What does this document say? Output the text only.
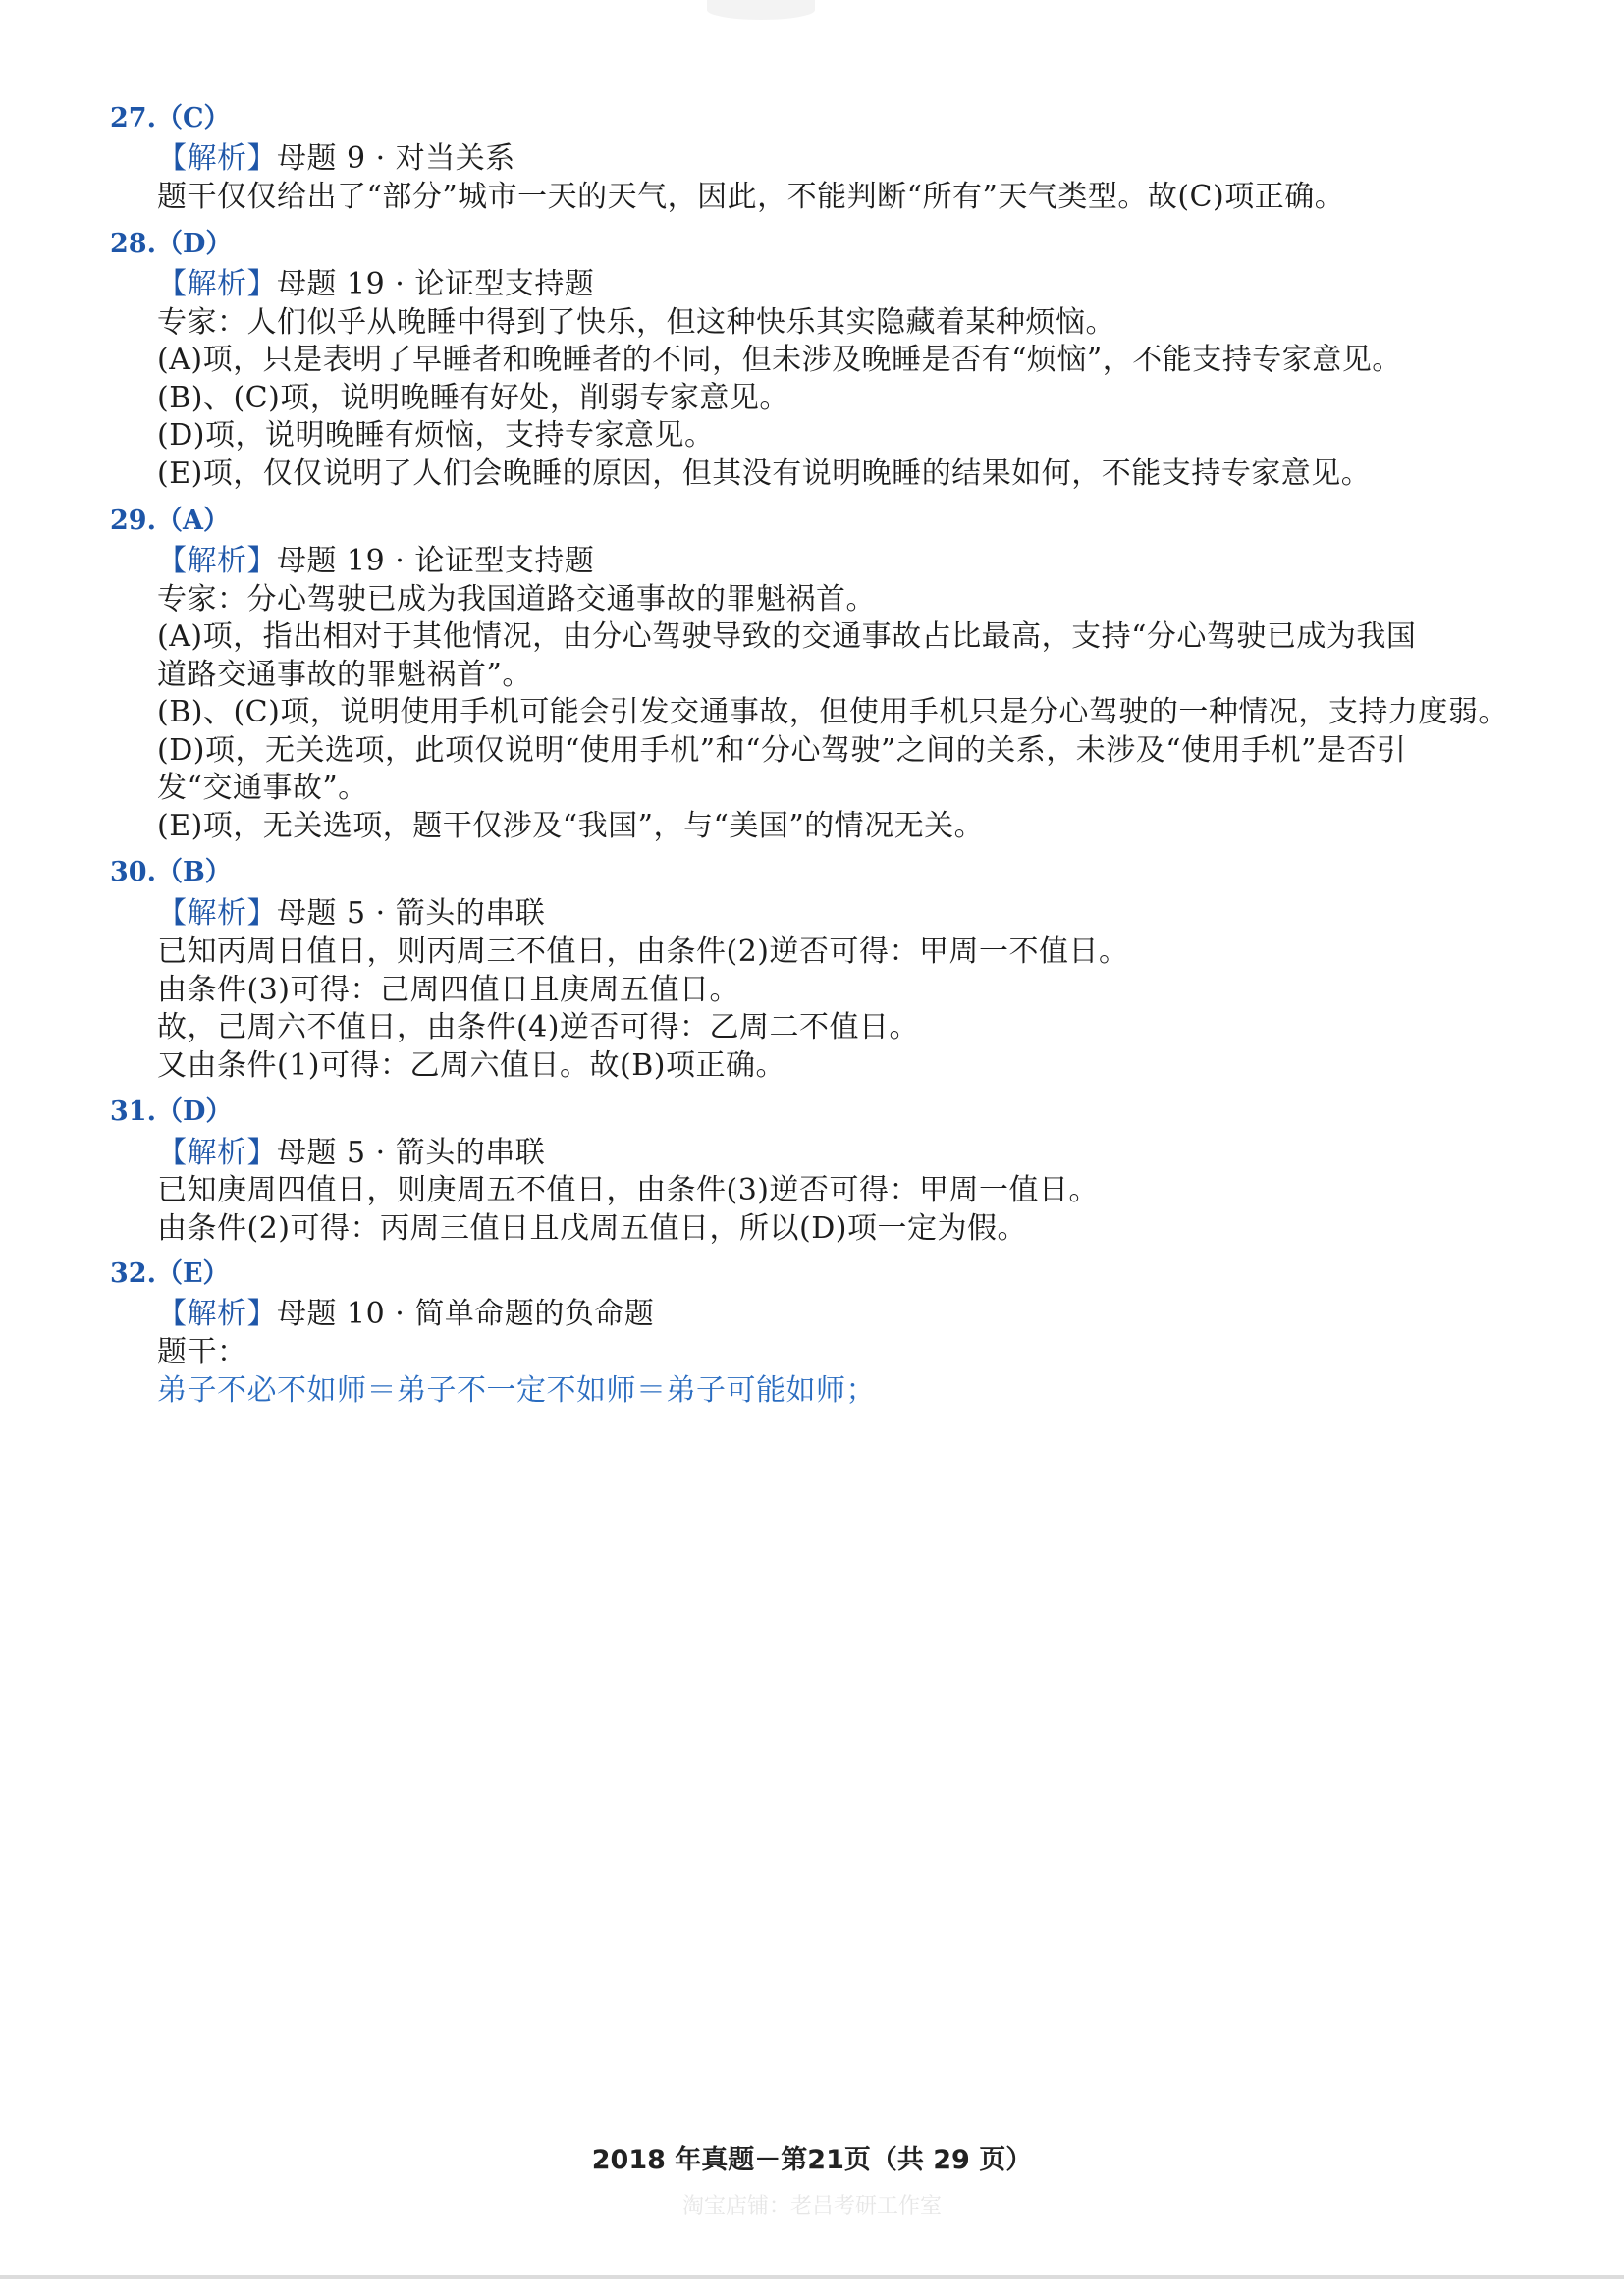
27.（C）
【解析】母题 9 · 对当关系
题干仅仅给出了“部分”城市一天的天气，因此，不能判断“所有”天气类型。故(C)项正确。
28.（D）
【解析】母题 19 · 论证型支持题
专家：人们似乎从晚睡中得到了快乐，但这种快乐其实隐藏着某种烦恼。
(A)项，只是表明了早睡者和晚睡者的不同，但未涉及晚睡是否有“烦恼”，不能支持专家意见。
(B)、(C)项，说明晚睡有好处，削弱专家意见。
(D)项，说明晚睡有烦恼，支持专家意见。
(E)项，仅仅说明了人们会晚睡的原因，但其没有说明晚睡的结果如何，不能支持专家意见。
29.（A）
【解析】母题 19 · 论证型支持题
专家：分心驾驶已成为我国道路交通事故的罪魁祸首。
(A)项，指出相对于其他情况，由分心驾驶导致的交通事故占比最高，支持“分心驾驶已成为我国
道路交通事故的罪魁祸首”。
(B)、(C)项，说明使用手机可能会引发交通事故，但使用手机只是分心驾驶的一种情况，支持力度弱。
(D)项，无关选项，此项仅说明“使用手机”和“分心驾驶”之间的关系，未涉及“使用手机”是否引
发“交通事故”。
(E)项，无关选项，题干仅涉及“我国”，与“美国”的情况无关。
30.（B）
【解析】母题 5 · 箭头的串联
已知丙周日值日，则丙周三不值日，由条件(2)逆否可得：甲周一不值日。
由条件(3)可得：己周四值日且庚周五值日。
故，己周六不值日，由条件(4)逆否可得：乙周二不值日。
又由条件(1)可得：乙周六值日。故(B)项正确。
31.（D）
【解析】母题 5 · 箭头的串联
已知庚周四值日，则庚周五不值日，由条件(3)逆否可得：甲周一值日。
由条件(2)可得：丙周三值日且戊周五值日，所以(D)项一定为假。
32.（E）
【解析】母题 10 · 简单命题的负命题
题干：
弟子不必不如师＝弟子不一定不如师＝弟子可能如师；
2018 年真题－第21页（共 29 页）
淘宝店铺：老吕考研工作室
